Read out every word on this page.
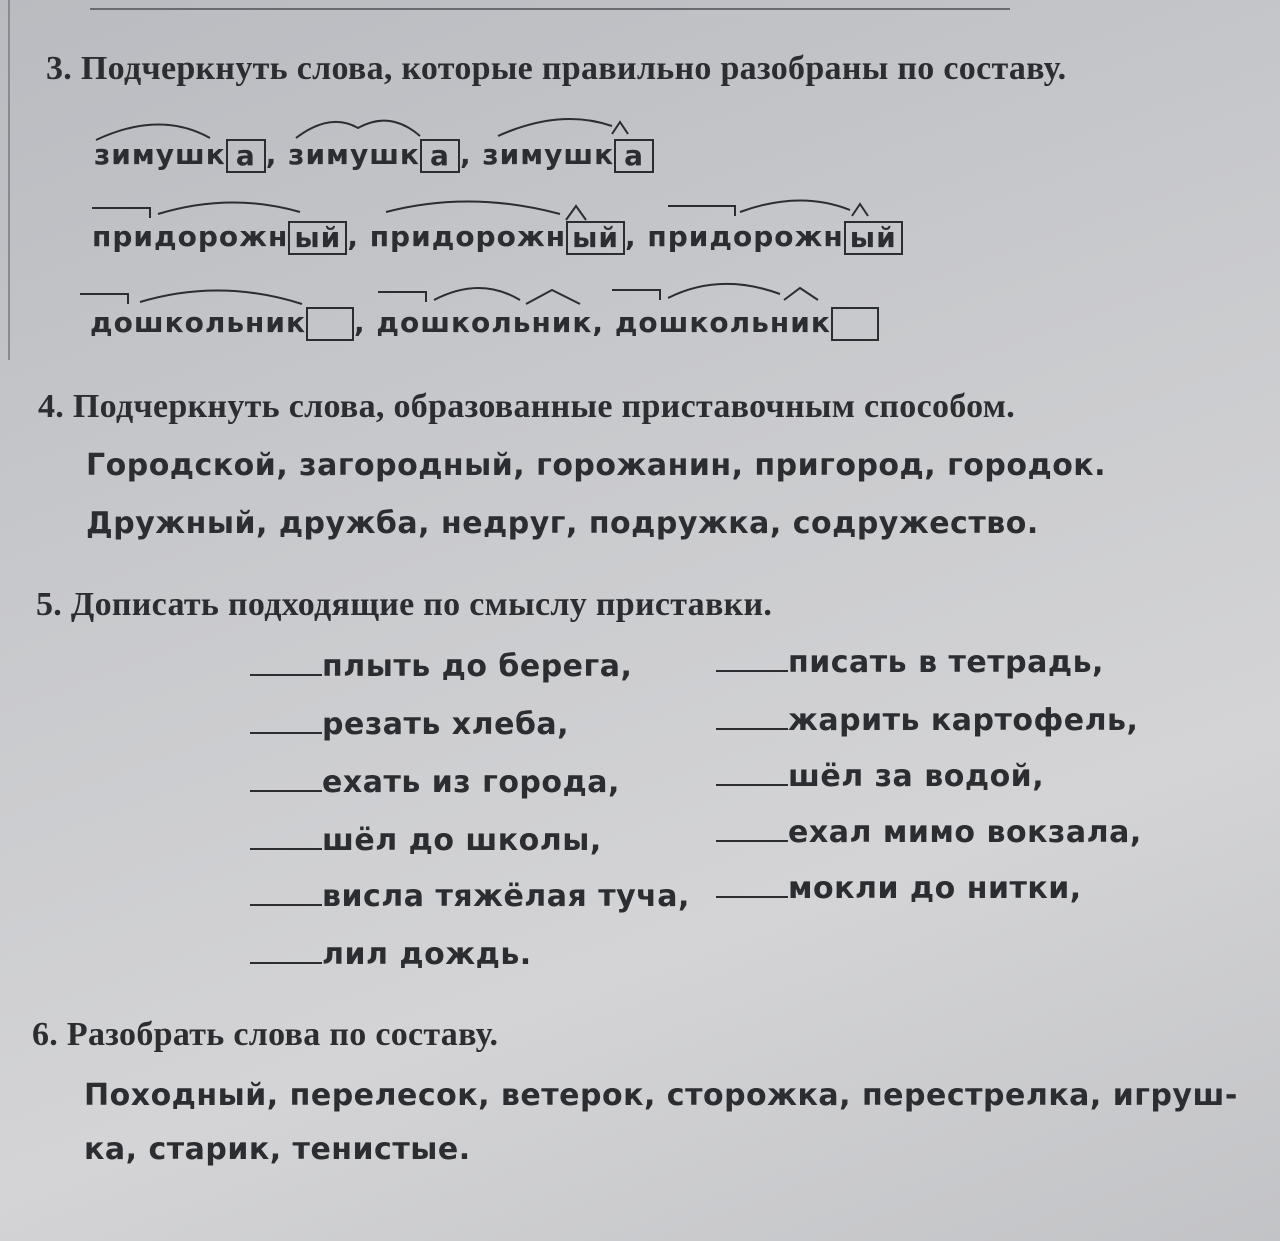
3. Подчеркнуть слова, которые правильно разобраны по составу.
зимушк а , зимушк а , зимушк а
придорожн ый , придорожн ый , придорожн ый
дошкольник , дошкольник, дошкольник
4. Подчеркнуть слова, образованные приставочным способом.
Городской, загородный, горожанин, пригород, городок.
Дружный, дружба, недруг, подружка, содружество.
5. Дописать подходящие по смыслу приставки.
плыть до берега,
резать хлеба,
ехать из города,
шёл до школы,
висла тяжёлая туча,
лил дождь.
писать в тетрадь,
жарить картофель,
шёл за водой,
ехал мимо вокзала,
мокли до нитки,
6. Разобрать слова по составу.
Походный, перелесок, ветерок, сторожка, перестрелка, игруш-
ка, старик, тенистые.
